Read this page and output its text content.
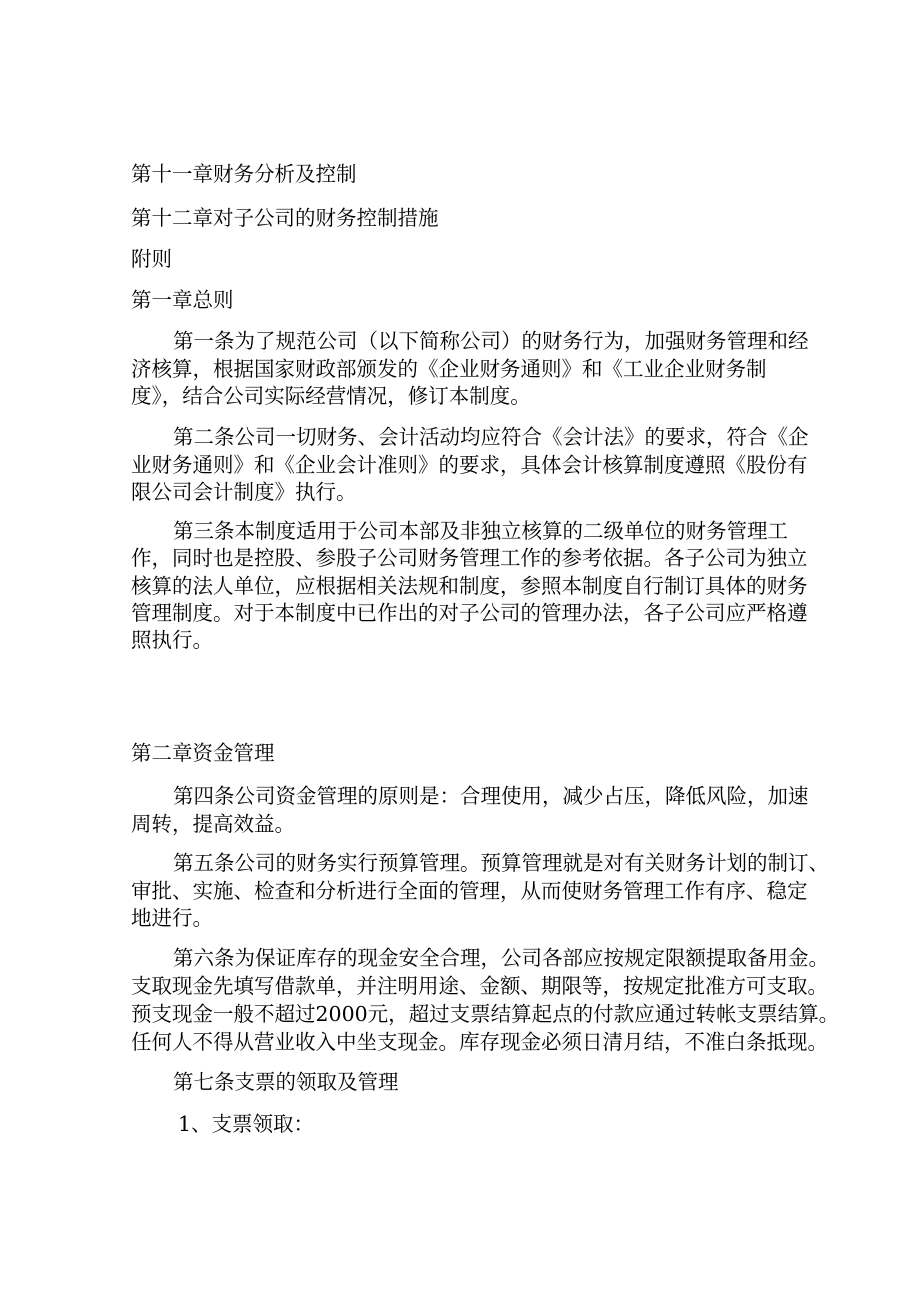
第十一章财务分析及控制
第十二章对子公司的财务控制措施
附则
第一章总则
第一条为了规范公司（以下简称公司）的财务行为，加强财务管理和经
济核算，根据国家财政部颁发的《企业财务通则》和《工业企业财务制
度》，结合公司实际经营情况，修订本制度。
第二条公司一切财务、会计活动均应符合《会计法》的要求，符合《企
业财务通则》和《企业会计准则》的要求，具体会计核算制度遵照《股份有
限公司会计制度》执行。
第三条本制度适用于公司本部及非独立核算的二级单位的财务管理工
作，同时也是控股、参股子公司财务管理工作的参考依据。各子公司为独立
核算的法人单位，应根据相关法规和制度，参照本制度自行制订具体的财务
管理制度。对于本制度中已作出的对子公司的管理办法，各子公司应严格遵
照执行。
第二章资金管理
第四条公司资金管理的原则是：合理使用，减少占压，降低风险，加速
周转，提高效益。
第五条公司的财务实行预算管理。预算管理就是对有关财务计划的制订、
审批、实施、检查和分析进行全面的管理，从而使财务管理工作有序、稳定
地进行。
第六条为保证库存的现金安全合理，公司各部应按规定限额提取备用金。
支取现金先填写借款单，并注明用途、金额、期限等，按规定批准方可支取。
预支现金一般不超过2000元，超过支票结算起点的付款应通过转帐支票结算。
任何人不得从营业收入中坐支现金。库存现金必须日清月结，不准白条抵现。
第七条支票的领取及管理
1、支票领取：
